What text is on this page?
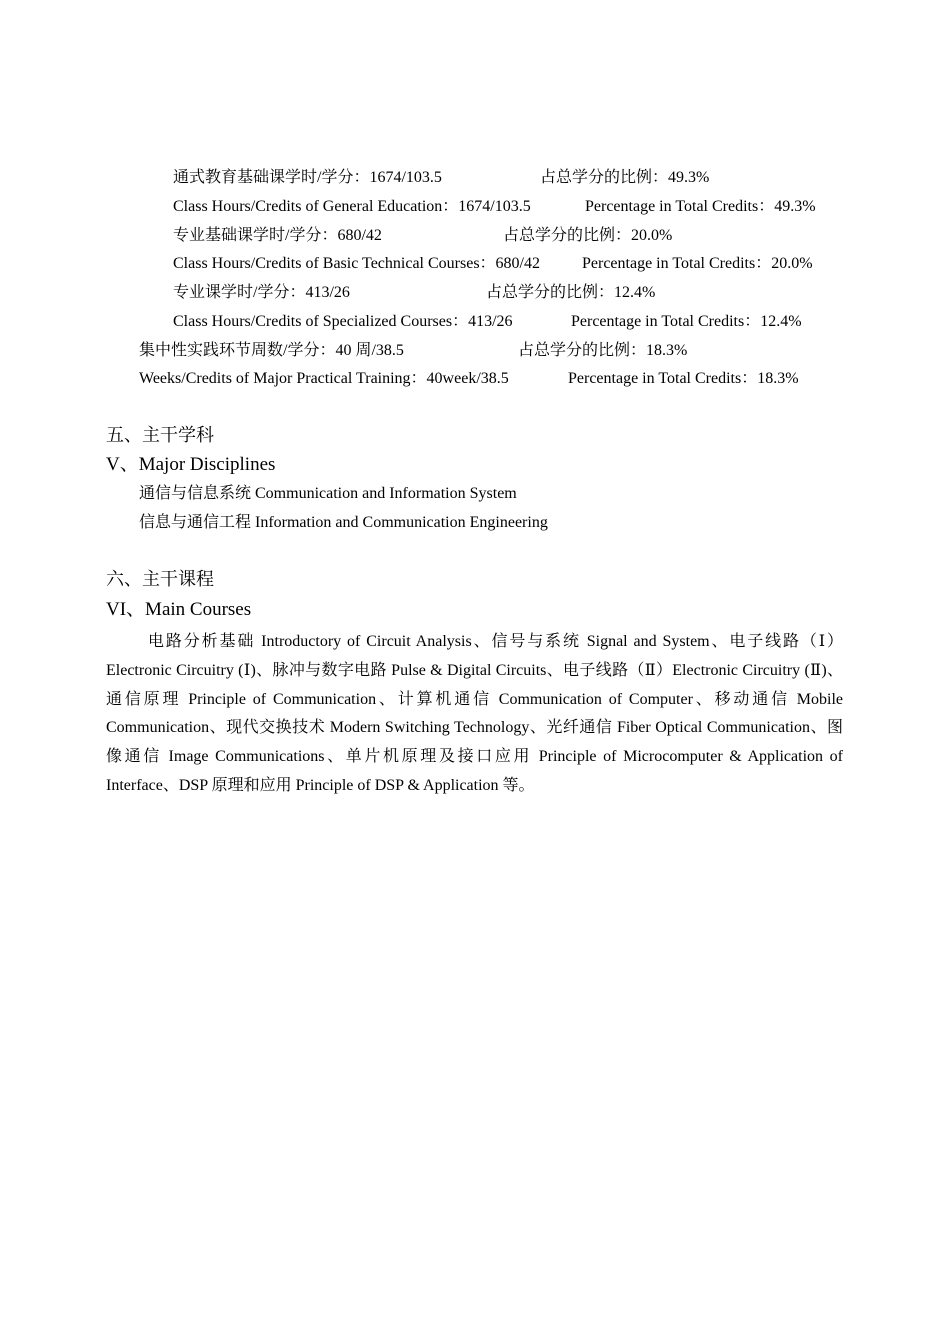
通式教育基础课学时/学分：1674/103.5	占总学分的比例：49.3%
Class Hours/Credits of General Education：1674/103.5	Percentage in Total Credits：49.3%
专业基础课学时/学分：680/42	占总学分的比例：20.0%
Class Hours/Credits of Basic Technical Courses：680/42	Percentage in Total Credits：20.0%
专业课学时/学分：413/26	占总学分的比例：12.4%
Class Hours/Credits of Specialized Courses：413/26	Percentage in Total Credits：12.4%
集中性实践环节周数/学分：40 周/38.5	占总学分的比例：18.3%
Weeks/Credits of Major Practical Training：40week/38.5	Percentage in Total Credits：18.3%
五、主干学科
V、Major Disciplines
通信与信息系统 Communication and Information System
信息与通信工程 Information and Communication Engineering
六、主干课程
VI、Main Courses
电路分析基础 Introductory of Circuit Analysis、信号与系统 Signal and System、电子线路（Ⅰ）Electronic Circuitry (Ⅰ)、脉冲与数字电路 Pulse & Digital Circuits、电子线路（Ⅱ）Electronic Circuitry (Ⅱ)、通信原理 Principle of Communication、计算机通信 Communication of Computer、移动通信 Mobile Communication、现代交换技术 Modern Switching Technology、光纤通信 Fiber Optical Communication、图像通信 Image Communications、单片机原理及接口应用 Principle of Microcomputer & Application of Interface、DSP 原理和应用 Principle of DSP & Application 等。
